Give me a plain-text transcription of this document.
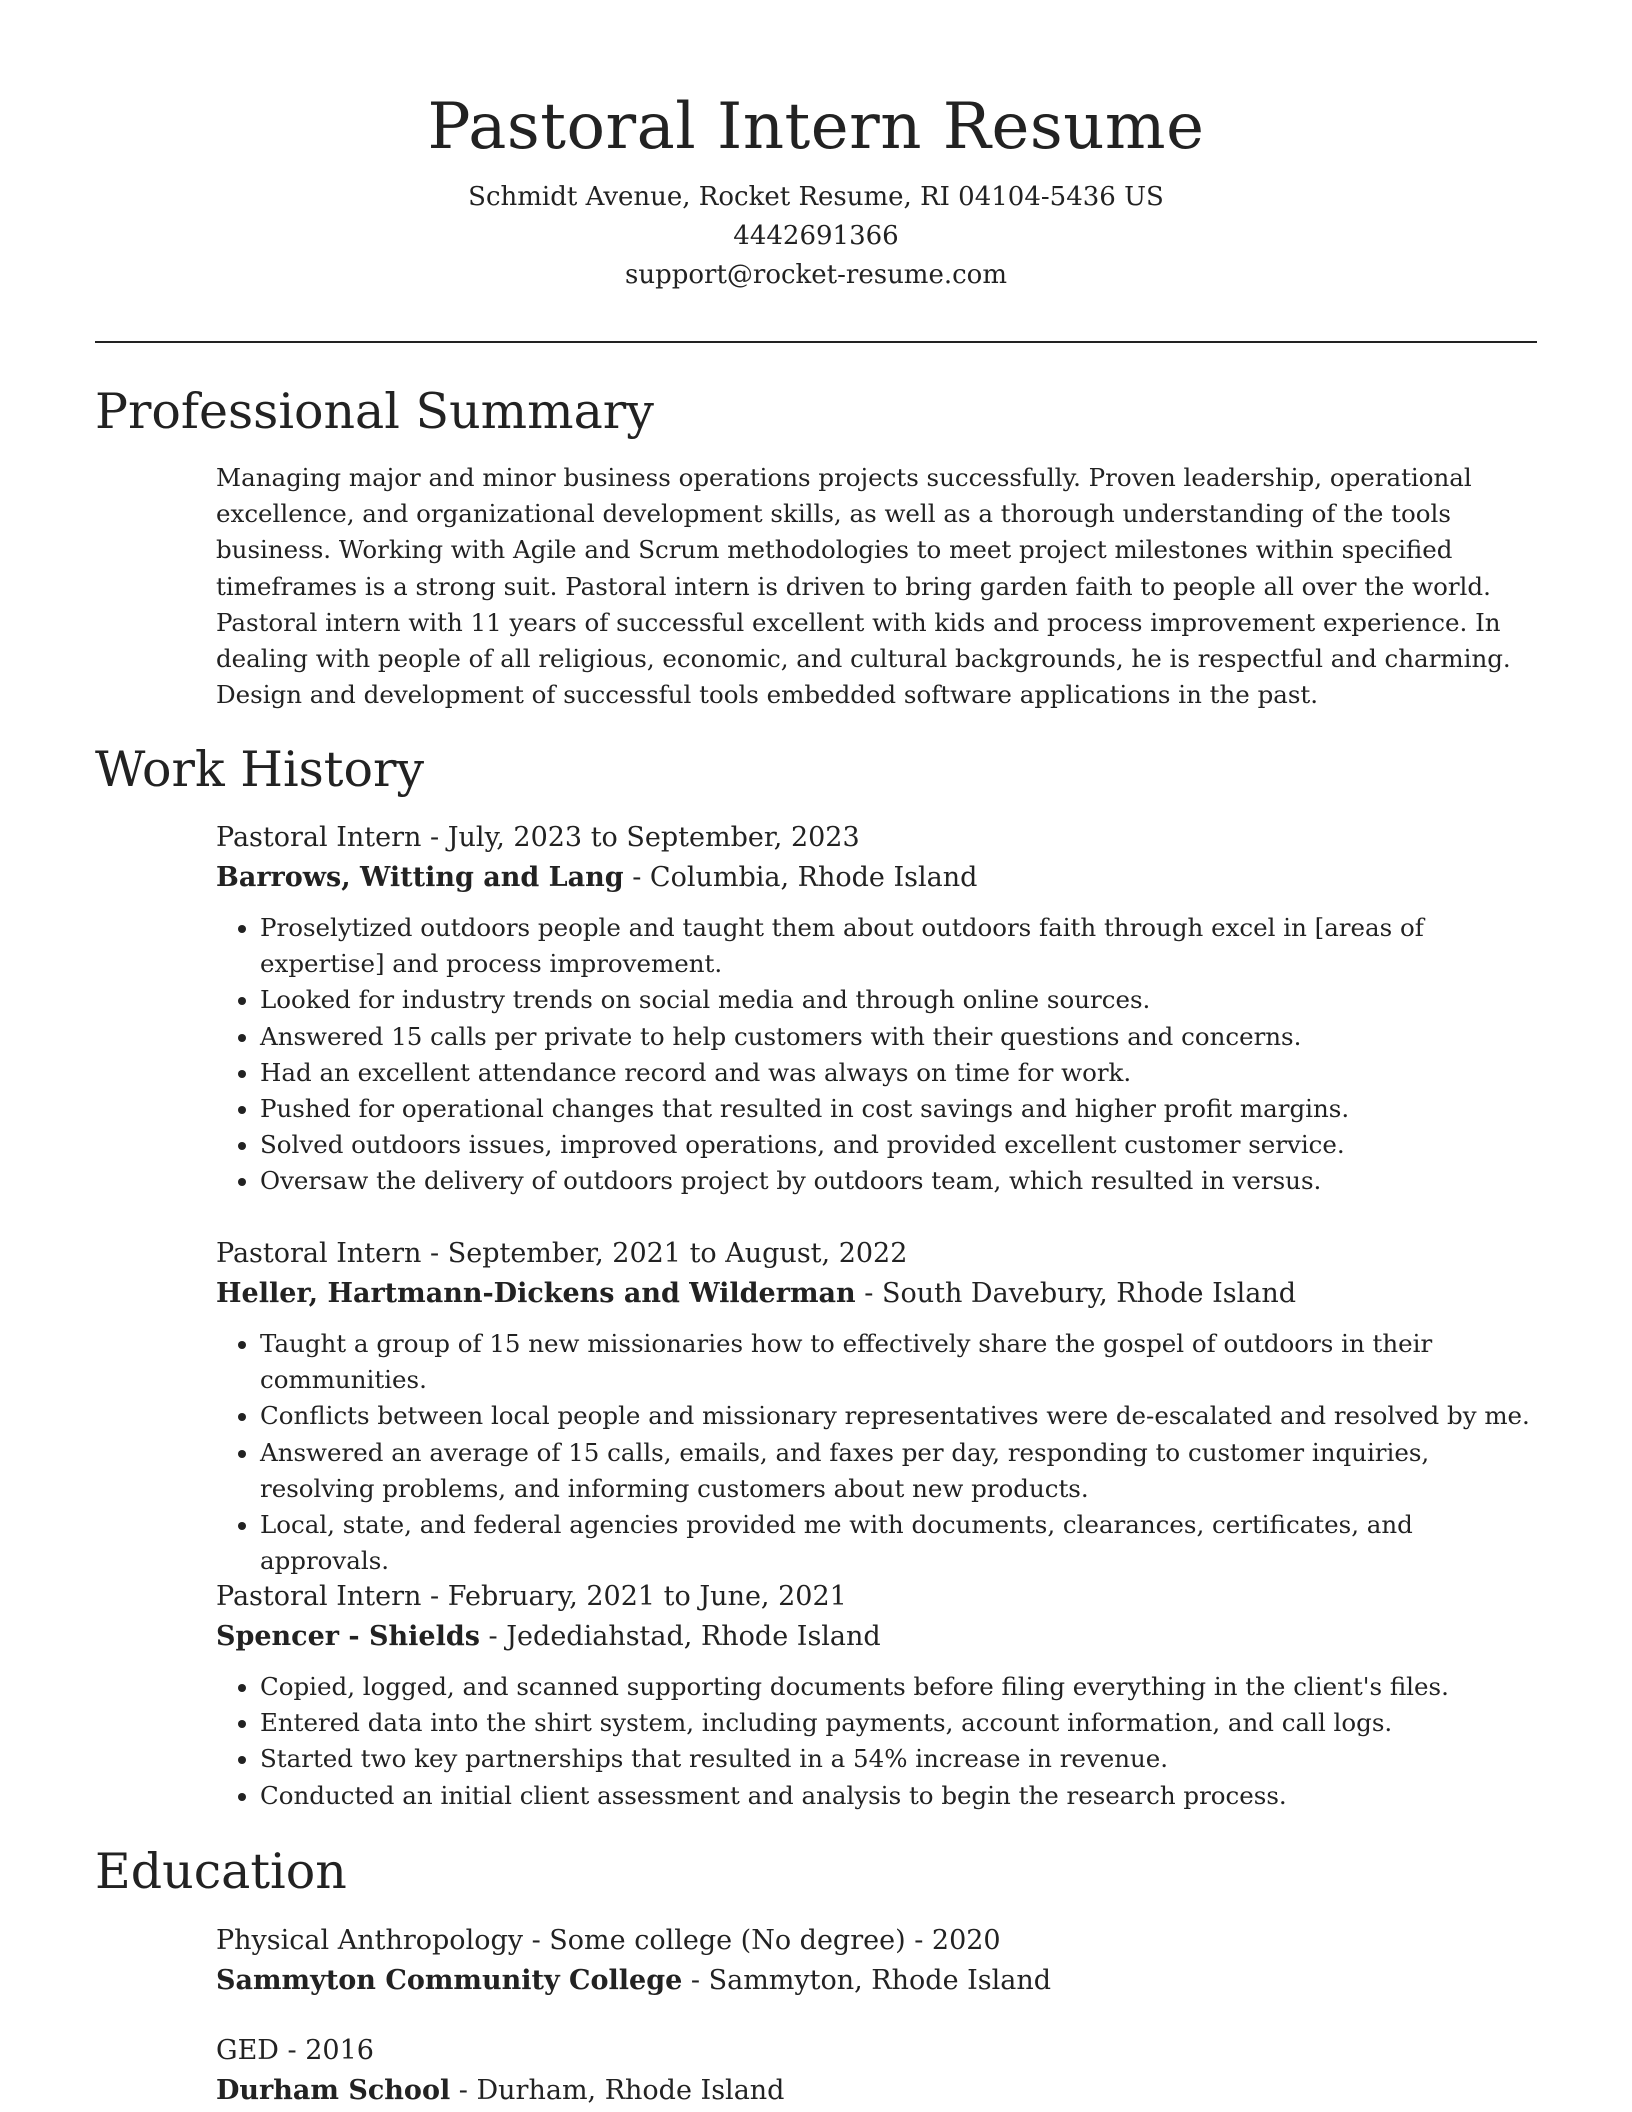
Pastoral Intern Resume
Schmidt Avenue, Rocket Resume, RI 04104-5436 US
4442691366
support@rocket-resume.com
Professional Summary

Managing major and minor business operations projects successfully. Proven leadership, operational excellence, and organizational development skills, as well as a thorough understanding of the tools business. Working with Agile and Scrum methodologies to meet project milestones within specified timeframes is a strong suit. Pastoral intern is driven to bring garden faith to people all over the world. Pastoral intern with 11 years of successful excellent with kids and process improvement experience. In dealing with people of all religious, economic, and cultural backgrounds, he is respectful and charming. Design and development of successful tools embedded software applications in the past.

Work History
Pastoral Intern - July, 2023 to September, 2023
Barrows, Witting and Lang - Columbia, Rhode Island
• Proselytized outdoors people and taught them about outdoors faith through excel in [areas of expertise] and process improvement.
• Looked for industry trends on social media and through online sources.
• Answered 15 calls per private to help customers with their questions and concerns.
• Had an excellent attendance record and was always on time for work.
• Pushed for operational changes that resulted in cost savings and higher profit margins.
• Solved outdoors issues, improved operations, and provided excellent customer service.
• Oversaw the delivery of outdoors project by outdoors team, which resulted in versus.
Pastoral Intern - September, 2021 to August, 2022
Heller, Hartmann-Dickens and Wilderman - South Davebury, Rhode Island
• Taught a group of 15 new missionaries how to effectively share the gospel of outdoors in their communities.
• Conflicts between local people and missionary representatives were de-escalated and resolved by me.
• Answered an average of 15 calls, emails, and faxes per day, responding to customer inquiries, resolving problems, and informing customers about new products.
• Local, state, and federal agencies provided me with documents, clearances, certificates, and approvals.
Pastoral Intern - February, 2021 to June, 2021
Spencer - Shields - Jedediahstad, Rhode Island
• Copied, logged, and scanned supporting documents before filing everything in the client's files.
• Entered data into the shirt system, including payments, account information, and call logs.
• Started two key partnerships that resulted in a 54% increase in revenue.
• Conducted an initial client assessment and analysis to begin the research process.
Education
Physical Anthropology - Some college (No degree) - 2020
Sammyton Community College - Sammyton, Rhode Island
GED - 2016
Durham School - Durham, Rhode Island
